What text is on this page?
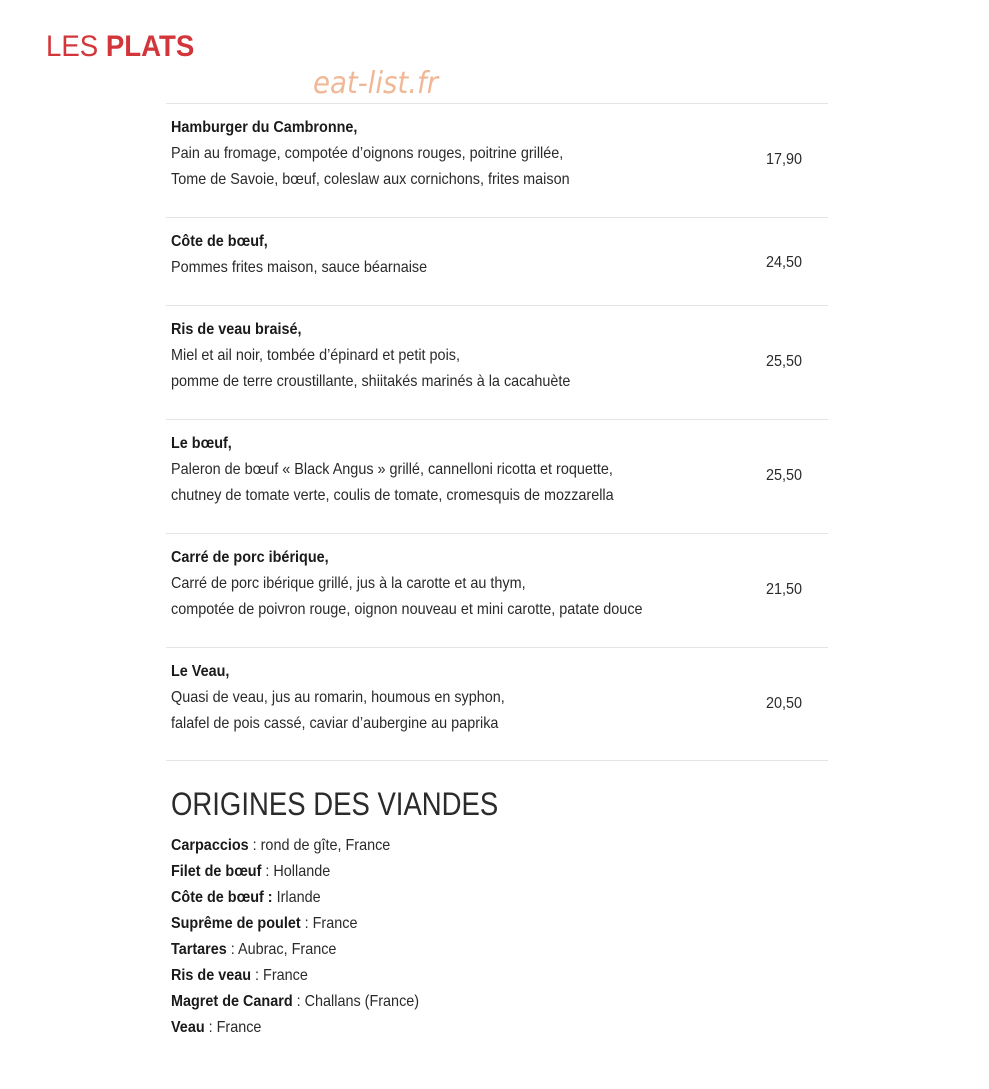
LES PLATS
eat-list.fr
Hamburger du Cambronne,
Pain au fromage, compotée d’oignons rouges, poitrine grillée,
Tome de Savoie, bœuf, coleslaw aux cornichons, frites maison
17,90
Côte de bœuf,
Pommes frites maison, sauce béarnaise	24,50
Ris de veau braisé,
Miel et ail noir, tombée d’épinard et petit pois,
pomme de terre croustillante, shiitakés marinés à la cacahuète
25,50
Le bœuf,
Paleron de bœuf « Black Angus » grillé, cannelloni ricotta et roquette,
chutney de tomate verte, coulis de tomate, cromesquis de mozzarella
25,50
Carré de porc ibérique,
Carré de porc ibérique grillé, jus à la carotte et au thym,
compotée de poivron rouge, oignon nouveau et mini carotte, patate douce
21,50
Le Veau,
Quasi de veau, jus au romarin, houmous en syphon,
falafel de pois cassé, caviar d’aubergine au paprika
20,50
ORIGINES DES VIANDES
Carpaccios : rond de gîte, France
Filet de bœuf : Hollande
Côte de bœuf : Irlande
Suprême de poulet : France
Tartares : Aubrac, France
Ris de veau : France
Magret de Canard : Challans (France)
Veau : France
